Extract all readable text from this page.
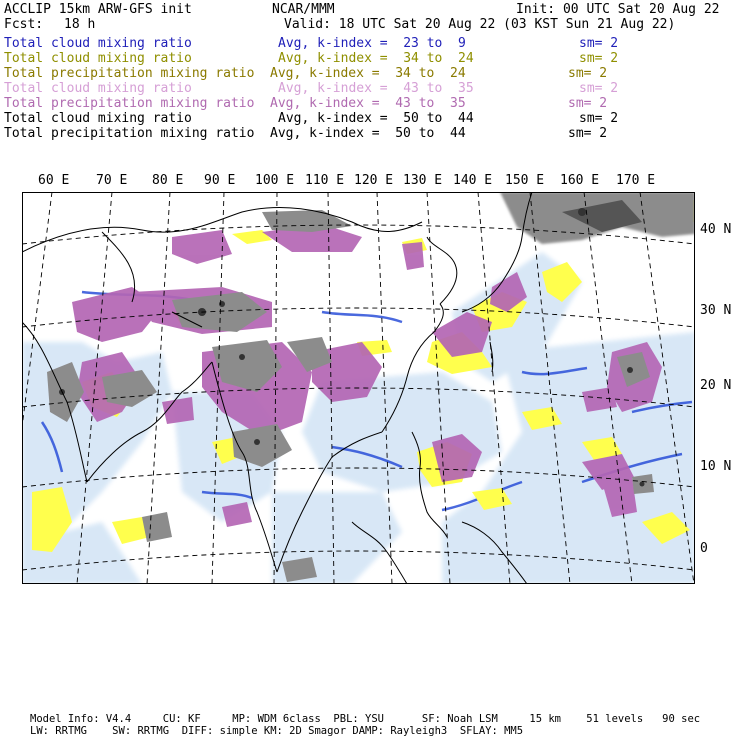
ACCLIP 15km ARW-GFS init	NCAR/MMM	Init: 00 UTC Sat 20 Aug 22
Fcst: 18 h	Valid: 18 UTC Sat 20 Aug 22 (03 KST Sun 21 Aug 22)
Total cloud mixing ratio	Avg, k-index =  23 to  9	sm= 2
Total cloud mixing ratio	Avg, k-index =  34 to  24	sm= 2
Total precipitation mixing ratio Avg, k-index =  34 to  24	sm= 2
Total cloud mixing ratio	Avg, k-index =  43 to  35	sm= 2
Total precipitation mixing ratio Avg, k-index =  43 to  35	sm= 2
Total cloud mixing ratio	Avg, k-index =  50 to  44	sm= 2
Total precipitation mixing ratio Avg, k-index =  50 to  44	sm= 2
60 E 70 E 80 E 90 E 100 E 110 E 120 E 130 E 140 E 150 E 160 E 170 E
40 N
30 N
20 N
10 N
0
Model Info: V4.4     CU: KF     MP: WDM 6class  PBL: YSU      SF: Noah LSM     15 km    51 levels   90 sec
LW: RRTMG    SW: RRTMG  DIFF: simple KM: 2D Smagor DAMP: Rayleigh3  SFLAY: MM5
